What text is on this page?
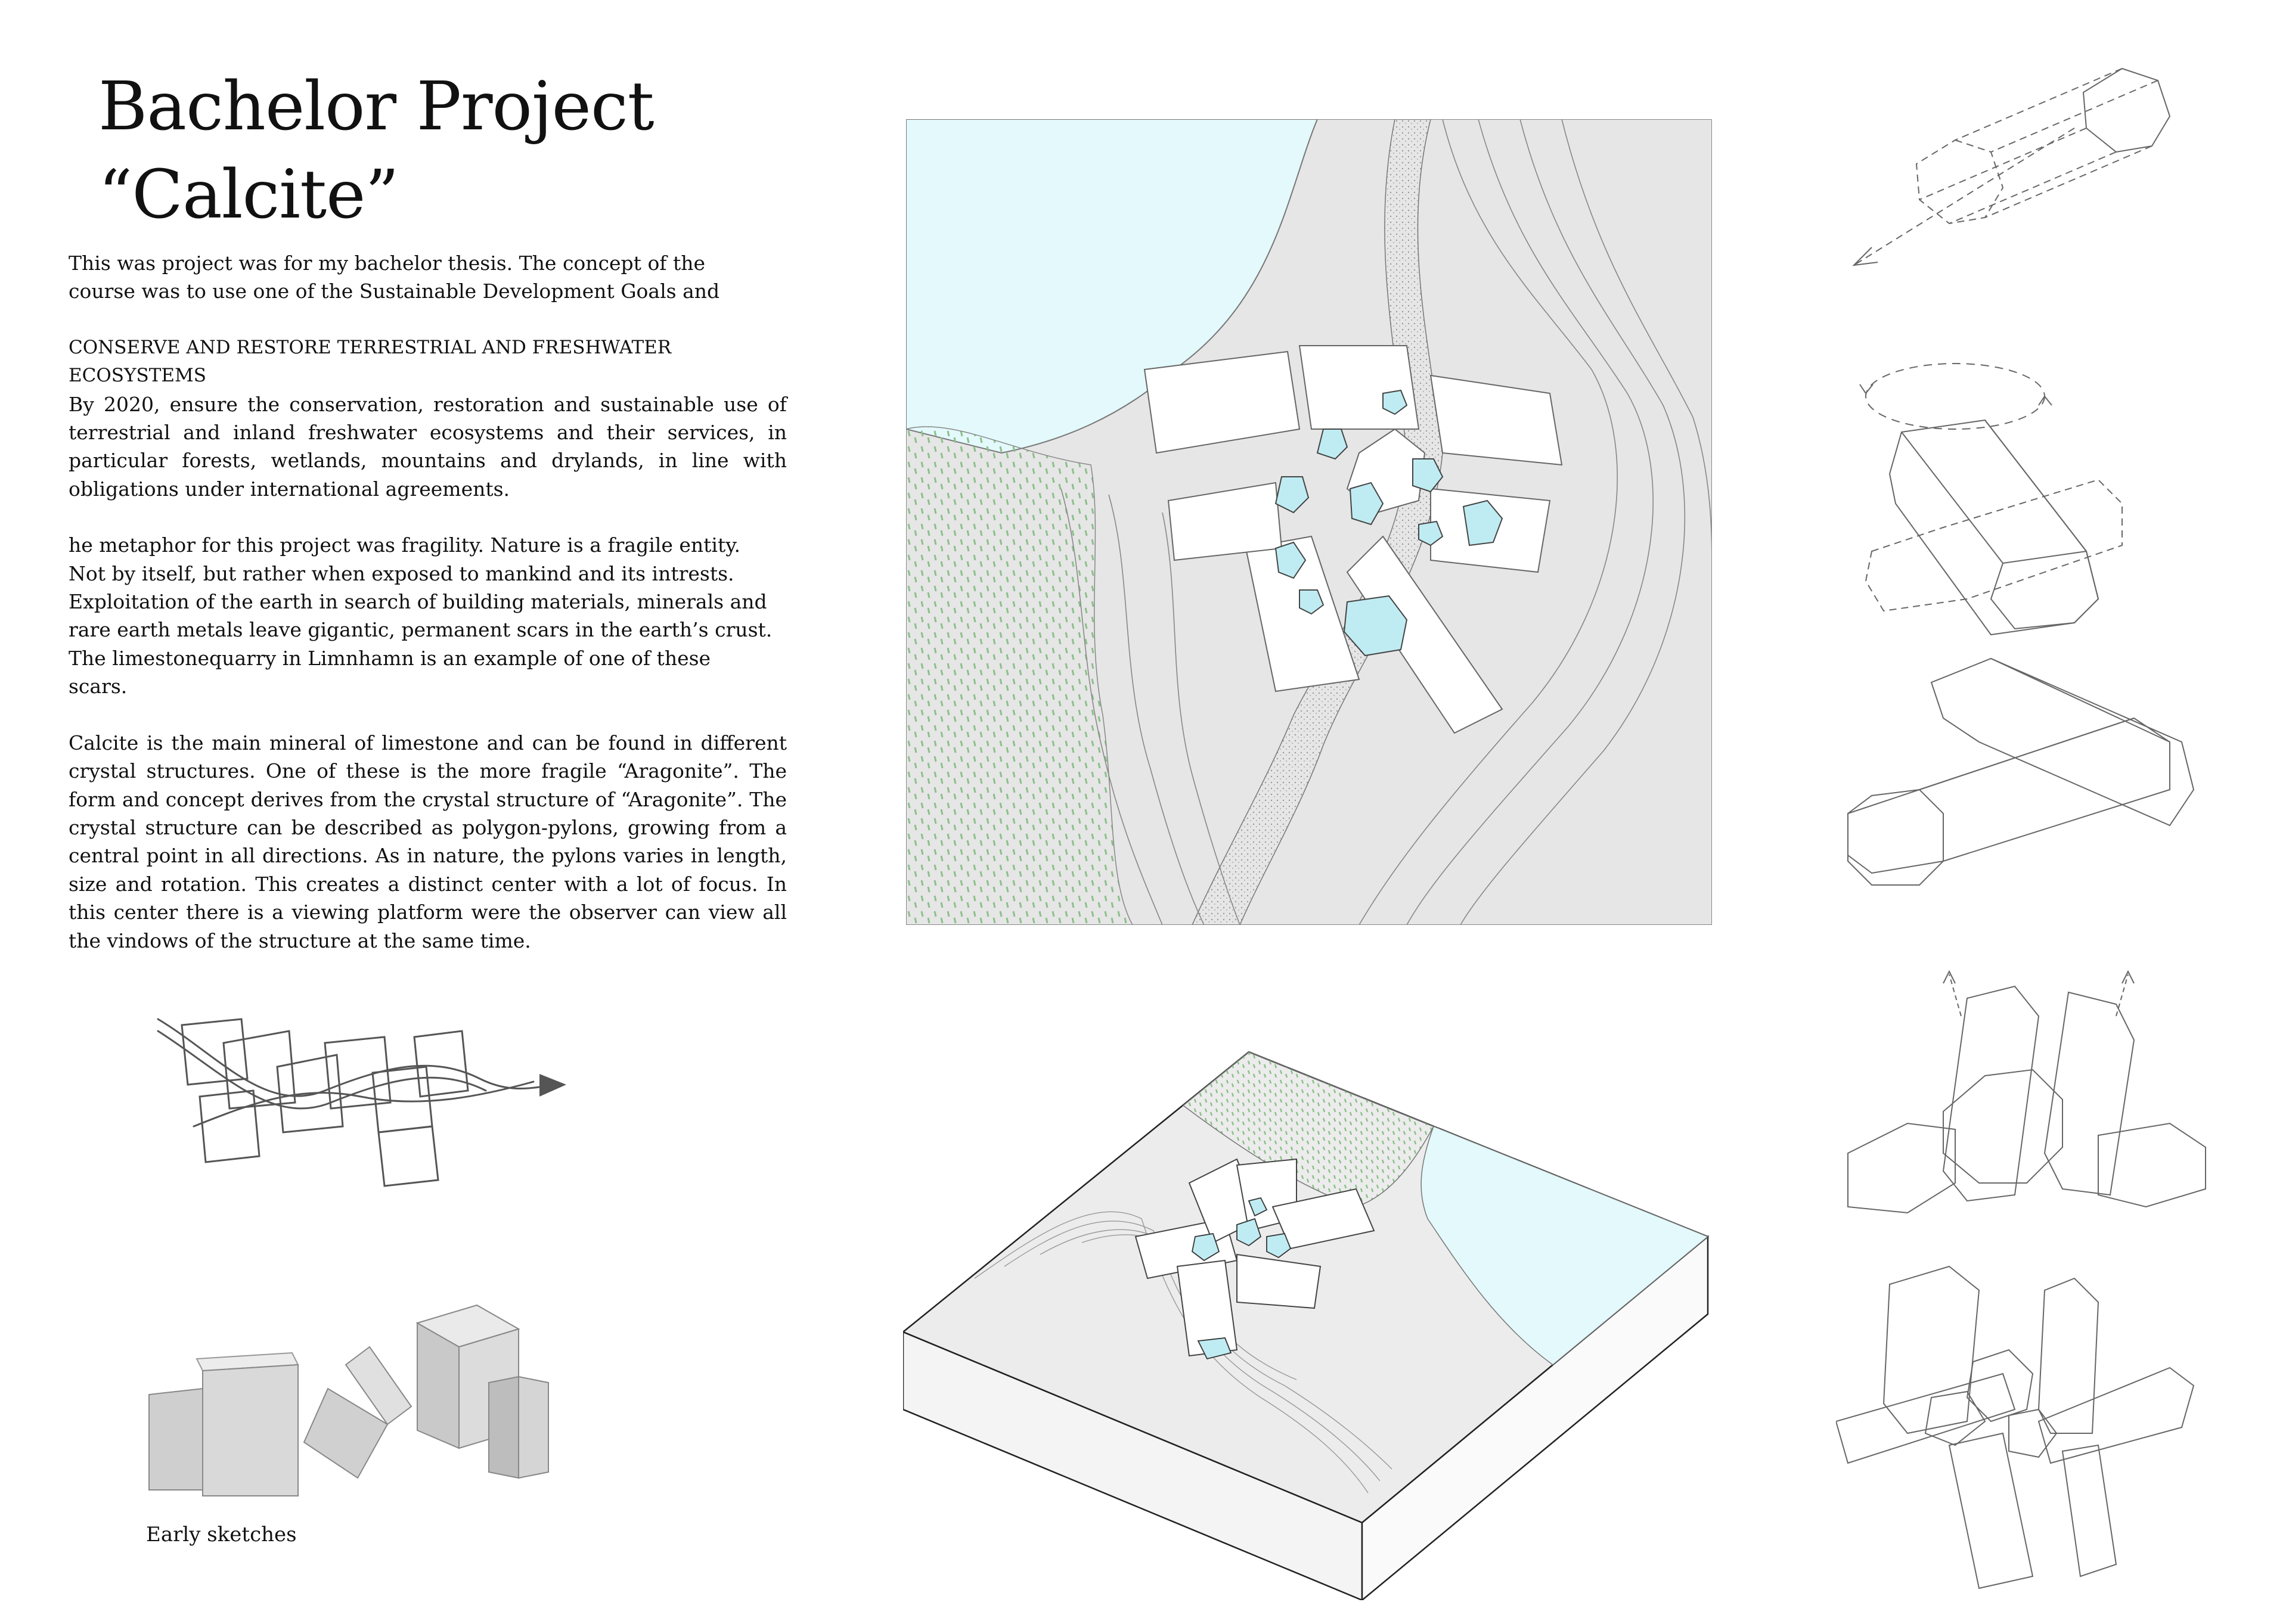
Bachelor Project
“Calcite”

This was project was for my bachelor thesis. The concept of the

course was to use one of the Sustainable Development Goals and

CONSERVE AND RESTORE TERRESTRIAL AND FRESHWATER

ECOSYSTEMS

By 2020, ensure the conservation, restoration and sustainable use of terrestrial and inland freshwater ecosystems and their services, in particular forests, wetlands, mountains and drylands, in line with obligations under international agreements.

he metaphor for this project was fragility. Nature is a fragile entity.

Not by itself, but rather when exposed to mankind and its intrests.

Exploitation of the earth in search of building materials, minerals and

rare earth metals leave gigantic, permanent scars in the earth’s crust.

The limestonequarry in Limnhamn is an example of one of these

scars.

Calcite is the main mineral of limestone and can be found in different crystal structures. One of these is the more fragile “Aragonite”. The form and concept derives from the crystal structure of “Aragonite”. The crystal structure can be described as polygon-pylons, growing from a central point in all directions. As in nature, the pylons varies in length, size and rotation. This creates a distinct center with a lot of focus. In this center there is a viewing platform were the observer can view all the vindows of the structure at the same time.

Early sketches
